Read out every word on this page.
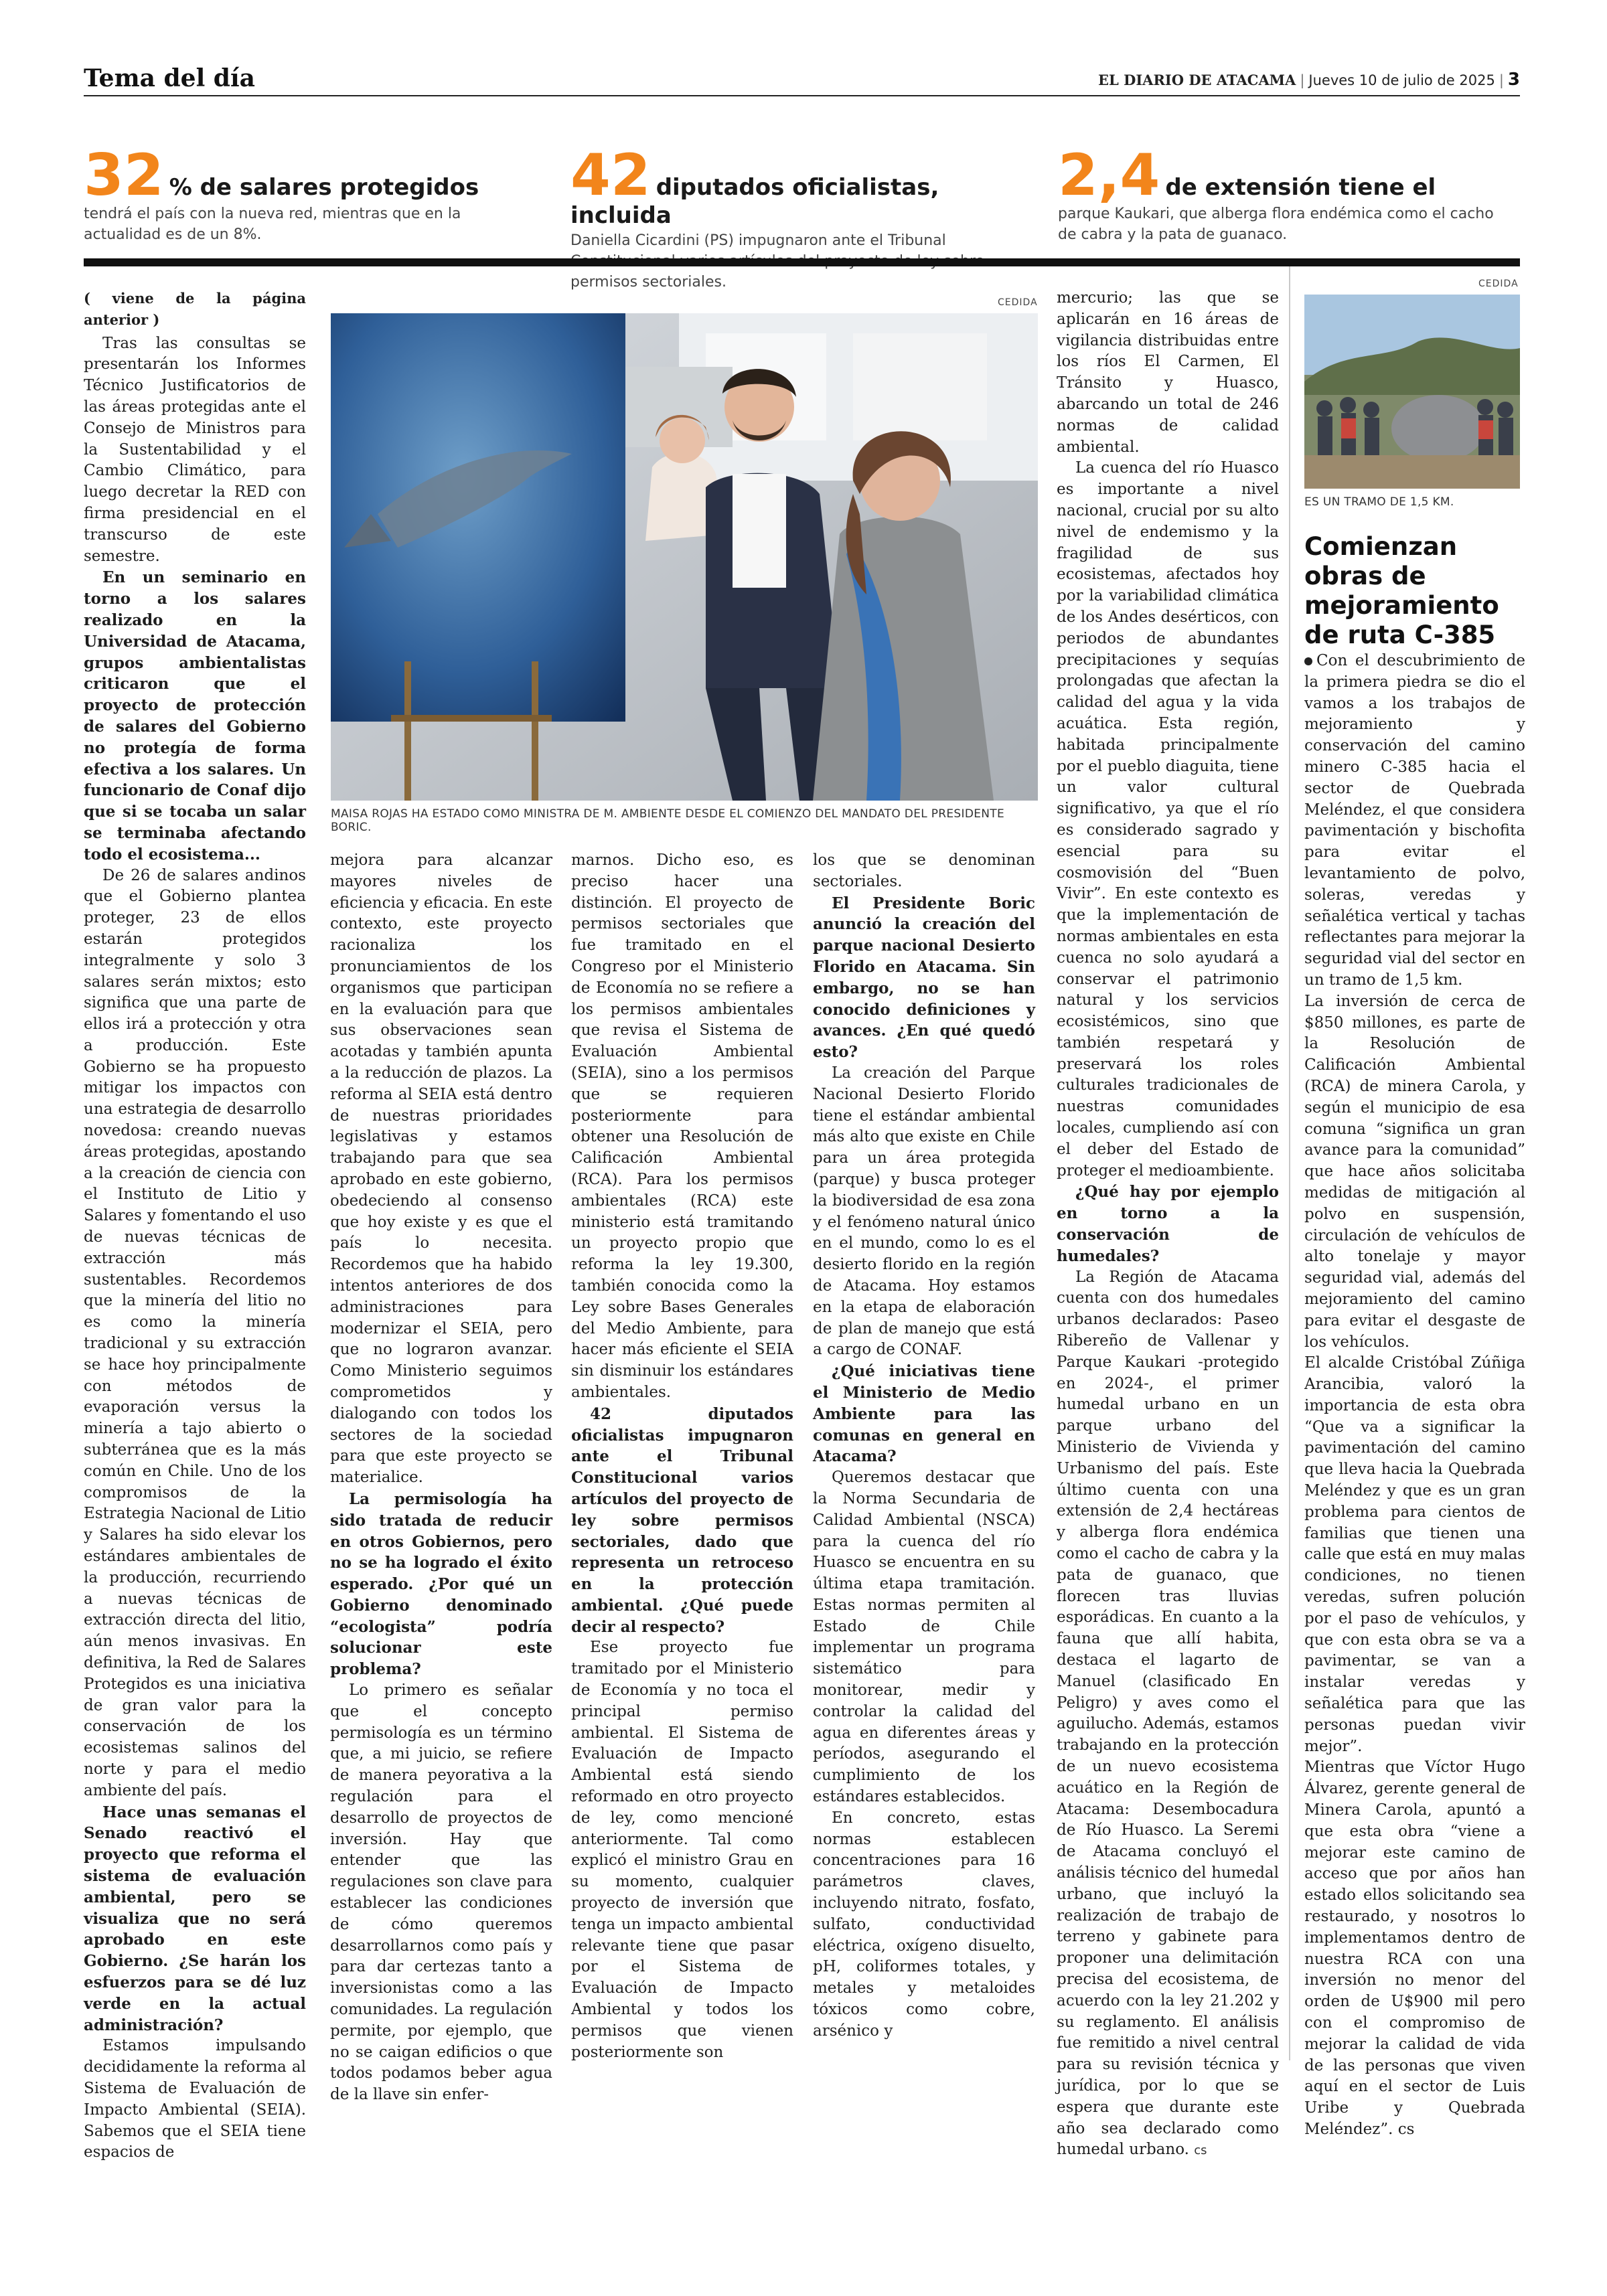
Tema del día	EL DIARIO DE ATACAMA | Jueves 10 de julio de 2025 | 3
32 % de salares protegidos
tendrá el país con la nueva red, mientras que en la actualidad es de un 8%.
42 diputados oficialistas, incluida
Daniella Cicardini (PS) impugnaron ante el Tribunal permisos sectoriales.
2,4 de extensión tiene el
parque Kaukari, que alberga flora endémica como el cacho de cabra y la pata de guanaco.

( viene de la página anterior )

Tras las consultas se presentarán los Informes Técnico Justificatorios de las áreas protegidas ante el Consejo de Ministros para la Sustentabilidad y el Cambio Climático, para luego decretar la RED con firma presidencial en el transcurso de este semestre.

En un seminario en torno a los salares realizado en la Universidad de Atacama, grupos ambientalistas criticaron que el proyecto de protección de salares del Gobierno no protegía de forma efectiva a los salares. Un funcionario de Conaf dijo que si se tocaba un salar se terminaba afectando todo el ecosistema...

De 26 de salares andinos que el Gobierno plantea proteger, 23 de ellos estarán protegidos integralmente y solo 3 salares serán mixtos; esto significa que una parte de ellos irá a protección y otra a producción. Este Gobierno se ha propuesto mitigar los impactos con una estrategia de desarrollo novedosa: creando nuevas áreas protegidas, apostando a la creación de ciencia con el Instituto de Litio y Salares y fomentando el uso de nuevas técnicas de extracción más sustentables. Recordemos que la minería del litio no es como la minería tradicional y su extracción se hace hoy principalmente con métodos de evaporación versus la minería a tajo abierto o subterránea que es la más común en Chile. Uno de los compromisos de la Estrategia Nacional de Litio y Salares ha sido elevar los estándares ambientales de la producción, recurriendo a nuevas técnicas de extracción directa del litio, aún menos invasivas. En definitiva, la Red de Salares Protegidos es una iniciativa de gran valor para la conservación de los ecosistemas salinos del norte y para el medio ambiente del país.

Hace unas semanas el Senado reactivó el proyecto que reforma el sistema de evaluación ambiental, pero se visualiza que no será aprobado en este Gobierno. ¿Se harán los esfuerzos para se dé luz verde en la actual administración?

Estamos impulsando decididamente la reforma al Sistema de Evaluación de Impacto Ambiental (SEIA). Sabemos que el SEIA tiene espacios de

CEDIDA
MAISA ROJAS HA ESTADO COMO MINISTRA DE M. AMBIENTE DESDE EL COMIENZO DEL MANDATO DEL PRESIDENTE BORIC.

mejora para alcanzar mayores niveles de eficiencia y eficacia. En este contexto, este proyecto racionaliza los pronunciamientos de los organismos que participan en la evaluación para que sus observaciones sean acotadas y también apunta a la reducción de plazos. La reforma al SEIA está dentro de nuestras prioridades legislativas y estamos trabajando para que sea aprobado en este gobierno, obedeciendo al consenso que hoy existe y es que el país lo necesita. Recordemos que ha habido intentos anteriores de dos administraciones para modernizar el SEIA, pero que no lograron avanzar. Como Ministerio seguimos comprometidos y dialogando con todos los sectores de la sociedad para que este proyecto se materialice.

La permisología ha sido tratada de reducir en otros Gobiernos, pero no se ha logrado el éxito esperado. ¿Por qué un Gobierno denominado “ecologista” podría solucionar este problema?

Lo primero es señalar que el concepto permisología es un término que, a mi juicio, se refiere de manera peyorativa a la regulación para el desarrollo de proyectos de inversión. Hay que entender que las regulaciones son clave para establecer las condiciones de cómo queremos desarrollarnos como país y para dar certezas tanto a inversionistas como a las comunidades. La regulación permite, por ejemplo, que no se caigan edificios o que todos podamos beber agua de la llave sin enfer-

marnos. Dicho eso, es preciso hacer una distinción. El proyecto de permisos sectoriales que fue tramitado en el Congreso por el Ministerio de Economía no se refiere a los permisos ambientales que revisa el Sistema de Evaluación Ambiental (SEIA), sino a los permisos que se requieren posteriormente para obtener una Resolución de Calificación Ambiental (RCA). Para los permisos ambientales (RCA) este ministerio está tramitando un proyecto propio que reforma la ley 19.300, también conocida como la Ley sobre Bases Generales del Medio Ambiente, para hacer más eficiente el SEIA sin disminuir los estándares ambientales.

42 diputados oficialistas impugnaron ante el Tribunal Constitucional varios artículos del proyecto de ley sobre permisos sectoriales, dado que representa un retroceso en la protección ambiental. ¿Qué puede decir al respecto?

Ese proyecto fue tramitado por el Ministerio de Economía y no toca el principal permiso ambiental. El Sistema de Evaluación de Impacto Ambiental está siendo reformado en otro proyecto de ley, como mencioné anteriormente. Tal como explicó el ministro Grau en su momento, cualquier proyecto de inversión que tenga un impacto ambiental relevante tiene que pasar por el Sistema de Evaluación de Impacto Ambiental y todos los permisos que vienen posteriormente son

los que se denominan sectoriales.

El Presidente Boric anunció la creación del parque nacional Desierto Florido en Atacama. Sin embargo, no se han conocido definiciones y avances. ¿En qué quedó esto?

La creación del Parque Nacional Desierto Florido tiene el estándar ambiental más alto que existe en Chile para un área protegida (parque) y busca proteger la biodiversidad de esa zona y el fenómeno natural único en el mundo, como lo es el desierto florido en la región de Atacama. Hoy estamos en la etapa de elaboración de plan de manejo que está a cargo de CONAF.

¿Qué iniciativas tiene el Ministerio de Medio Ambiente para las comunas en general en Atacama?

Queremos destacar que la Norma Secundaria de Calidad Ambiental (NSCA) para la cuenca del río Huasco se encuentra en su última etapa tramitación. Estas normas permiten al Estado de Chile implementar un programa sistemático para monitorear, medir y controlar la calidad del agua en diferentes áreas y períodos, asegurando el cumplimiento de los estándares establecidos.

En concreto, estas normas establecen concentraciones para 16 parámetros claves, incluyendo nitrato, fosfato, sulfato, conductividad eléctrica, oxígeno disuelto, pH, coliformes totales, y metales y metaloides tóxicos como cobre, arsénico y

mercurio; las que se aplicarán en 16 áreas de vigilancia distribuidas entre los ríos El Carmen, El Tránsito y Huasco, abarcando un total de 246 normas de calidad ambiental.

La cuenca del río Huasco es importante a nivel nacional, crucial por su alto nivel de endemismo y la fragilidad de sus ecosistemas, afectados hoy por la variabilidad climática de los Andes desérticos, con periodos de abundantes precipitaciones y sequías prolongadas que afectan la calidad del agua y la vida acuática. Esta región, habitada principalmente por el pueblo diaguita, tiene un valor cultural significativo, ya que el río es considerado sagrado y esencial para su cosmovisión del “Buen Vivir”. En este contexto es que la implementación de normas ambientales en esta cuenca no solo ayudará a conservar el patrimonio natural y los servicios ecosistémicos, sino que también respetará y preservará los roles culturales tradicionales de nuestras comunidades locales, cumpliendo así con el deber del Estado de proteger el medioambiente.

¿Qué hay por ejemplo en torno a la conservación de humedales?

La Región de Atacama cuenta con dos humedales urbanos declarados: Paseo Ribereño de Vallenar y Parque Kaukari -protegido en 2024-, el primer humedal urbano en un parque urbano del Ministerio de Vivienda y Urbanismo del país. Este último cuenta con una extensión de 2,4 hectáreas y alberga flora endémica como el cacho de cabra y la pata de guanaco, que florecen tras lluvias esporádicas. En cuanto a la fauna que allí habita, destaca el lagarto de Manuel (clasificado En Peligro) y aves como el aguilucho. Además, estamos trabajando en la protección de un nuevo ecosistema acuático en la Región de Atacama: Desembocadura de Río Huasco. La Seremi de Atacama concluyó el análisis técnico del humedal urbano, que incluyó la realización de trabajo de terreno y gabinete para proponer una delimitación precisa del ecosistema, de acuerdo con la ley 21.202 y su reglamento. El análisis fue remitido a nivel central para su revisión técnica y jurídica, por lo que se espera que durante este año sea declarado como humedal urbano. cs

CEDIDA
ES UN TRAMO DE 1,5 KM.
Comienzan obras de mejoramiento de ruta C-385

Con el descubrimiento de la primera piedra se dio el vamos a los trabajos de mejoramiento y conservación del camino minero C-385 hacia el sector de Quebrada Meléndez, el que considera pavimentación y bischofita para evitar el levantamiento de polvo, soleras, veredas y señalética vertical y tachas reflectantes para mejorar la seguridad vial del sector en un tramo de 1,5 km.

La inversión de cerca de $850 millones, es parte de la Resolución de Calificación Ambiental (RCA) de minera Carola, y según el municipio de esa comuna “significa un gran avance para la comunidad” que hace años solicitaba medidas de mitigación al polvo en suspensión, circulación de vehículos de alto tonelaje y mayor seguridad vial, además del mejoramiento del camino para evitar el desgaste de los vehículos.

El alcalde Cristóbal Zúñiga Arancibia, valoró la importancia de esta obra “Que va a significar la pavimentación del camino que lleva hacia la Quebrada Meléndez y que es un gran problema para cientos de familias que tienen una calle que está en muy malas condiciones, no tienen veredas, sufren polución por el paso de vehículos, y que con esta obra se va a pavimentar, se van a instalar veredas y señalética para que las personas puedan vivir mejor”.

Mientras que Víctor Hugo Álvarez, gerente general de Minera Carola, apuntó a que esta obra “viene a mejorar este camino de acceso que por años han estado ellos solicitando sea restaurado, y nosotros lo implementamos dentro de nuestra RCA con una inversión no menor del orden de U$900 mil pero con el compromiso de mejorar la calidad de vida de las personas que viven aquí en el sector de Luis Uribe y Quebrada Meléndez”. cs
